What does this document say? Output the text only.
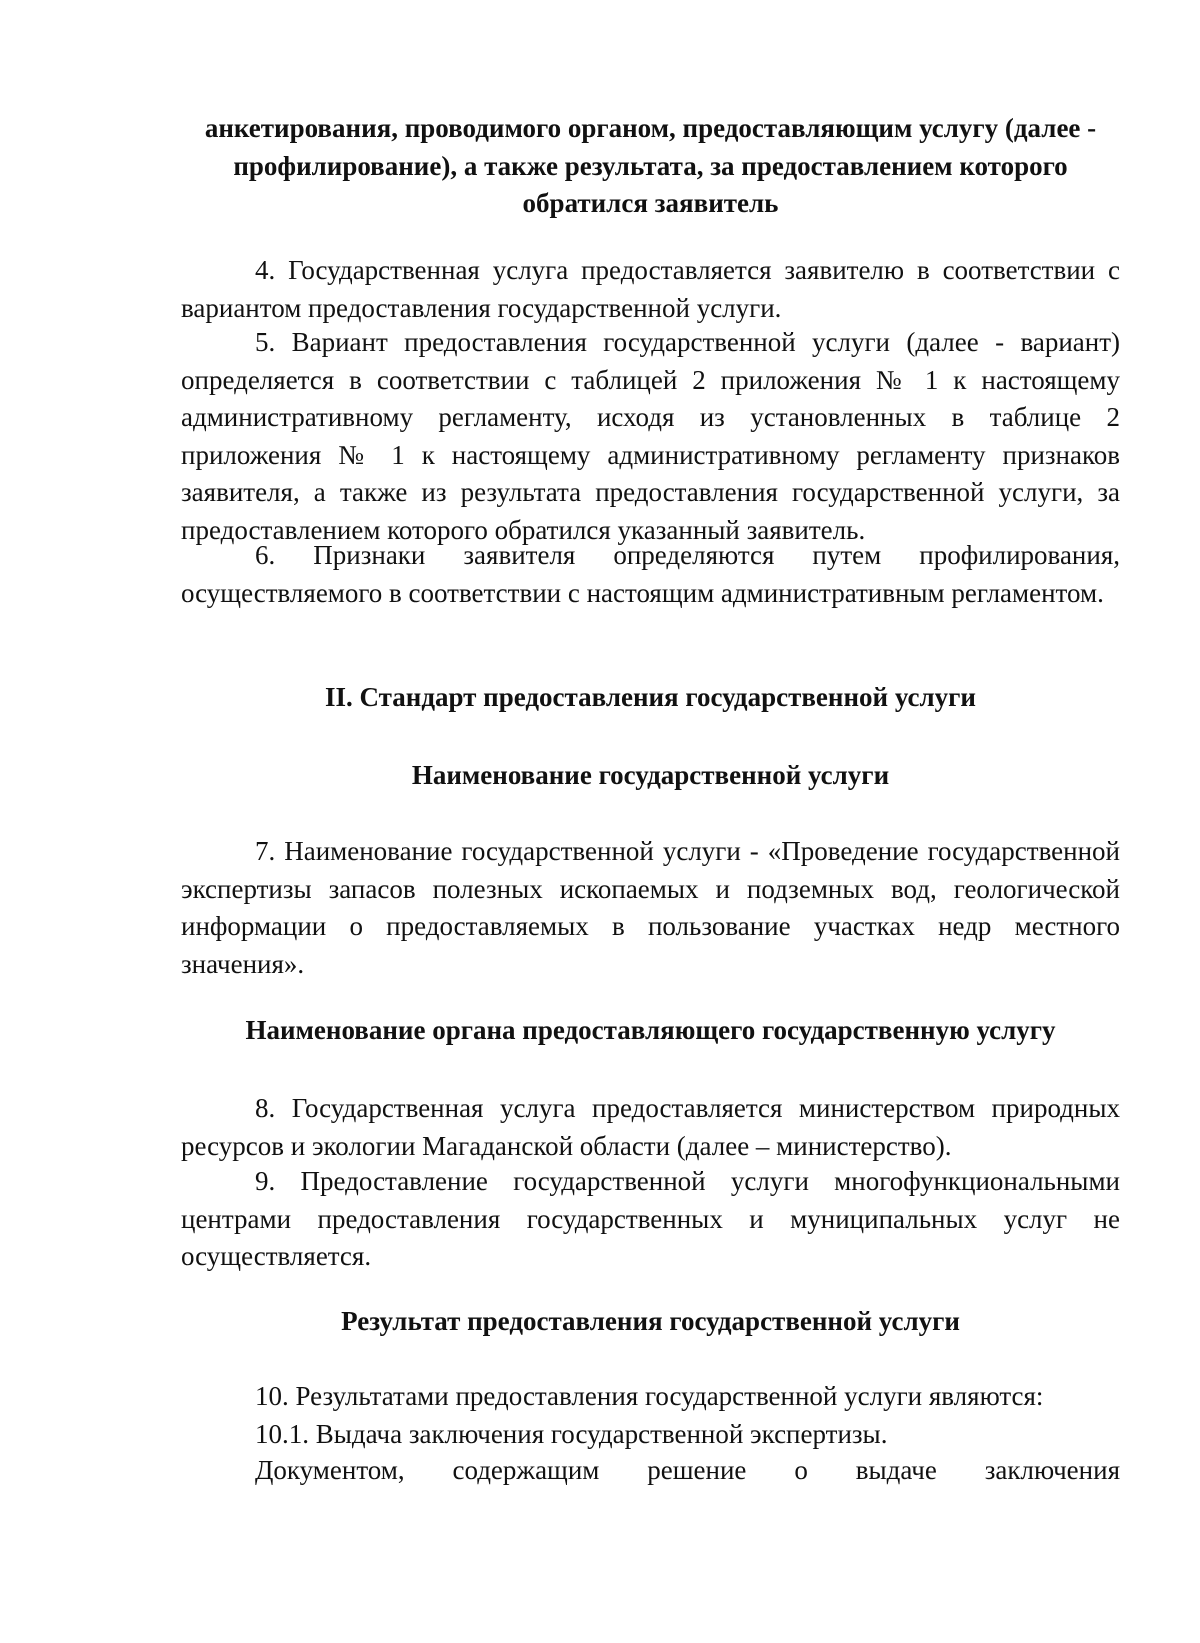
анкетирования, проводимого органом, предоставляющим услугу (далее - профилирование), а также результата, за предоставлением которого обратился заявитель

4. Государственная услуга предоставляется заявителю в соответствии с вариантом предоставления государственной услуги.

5. Вариант предоставления государственной услуги (далее - вариант) определяется в соответствии с таблицей 2 приложения № 1 к настоящему административному регламенту, исходя из установленных в таблице 2 приложения № 1 к настоящему административному регламенту признаков заявителя, а также из результата предоставления государственной услуги, за предоставлением которого обратился указанный заявитель.

6. Признаки заявителя определяются путем профилирования, осуществляемого в соответствии с настоящим административным регламентом.

II. Стандарт предоставления государственной услуги
Наименование государственной услуги

7. Наименование государственной услуги - «Проведение государственной экспертизы запасов полезных ископаемых и подземных вод, геологической информации о предоставляемых в пользование участках недр местного значения».

Наименование органа предоставляющего государственную услугу

8. Государственная услуга предоставляется министерством природных ресурсов и экологии Магаданской области (далее – министерство).

9. Предоставление государственной услуги многофункциональными центрами предоставления государственных и муниципальных услуг не осуществляется.

Результат предоставления государственной услуги

10. Результатами предоставления государственной услуги являются:

10.1. Выдача заключения государственной экспертизы.

Документом, содержащим решение о выдаче заключения
